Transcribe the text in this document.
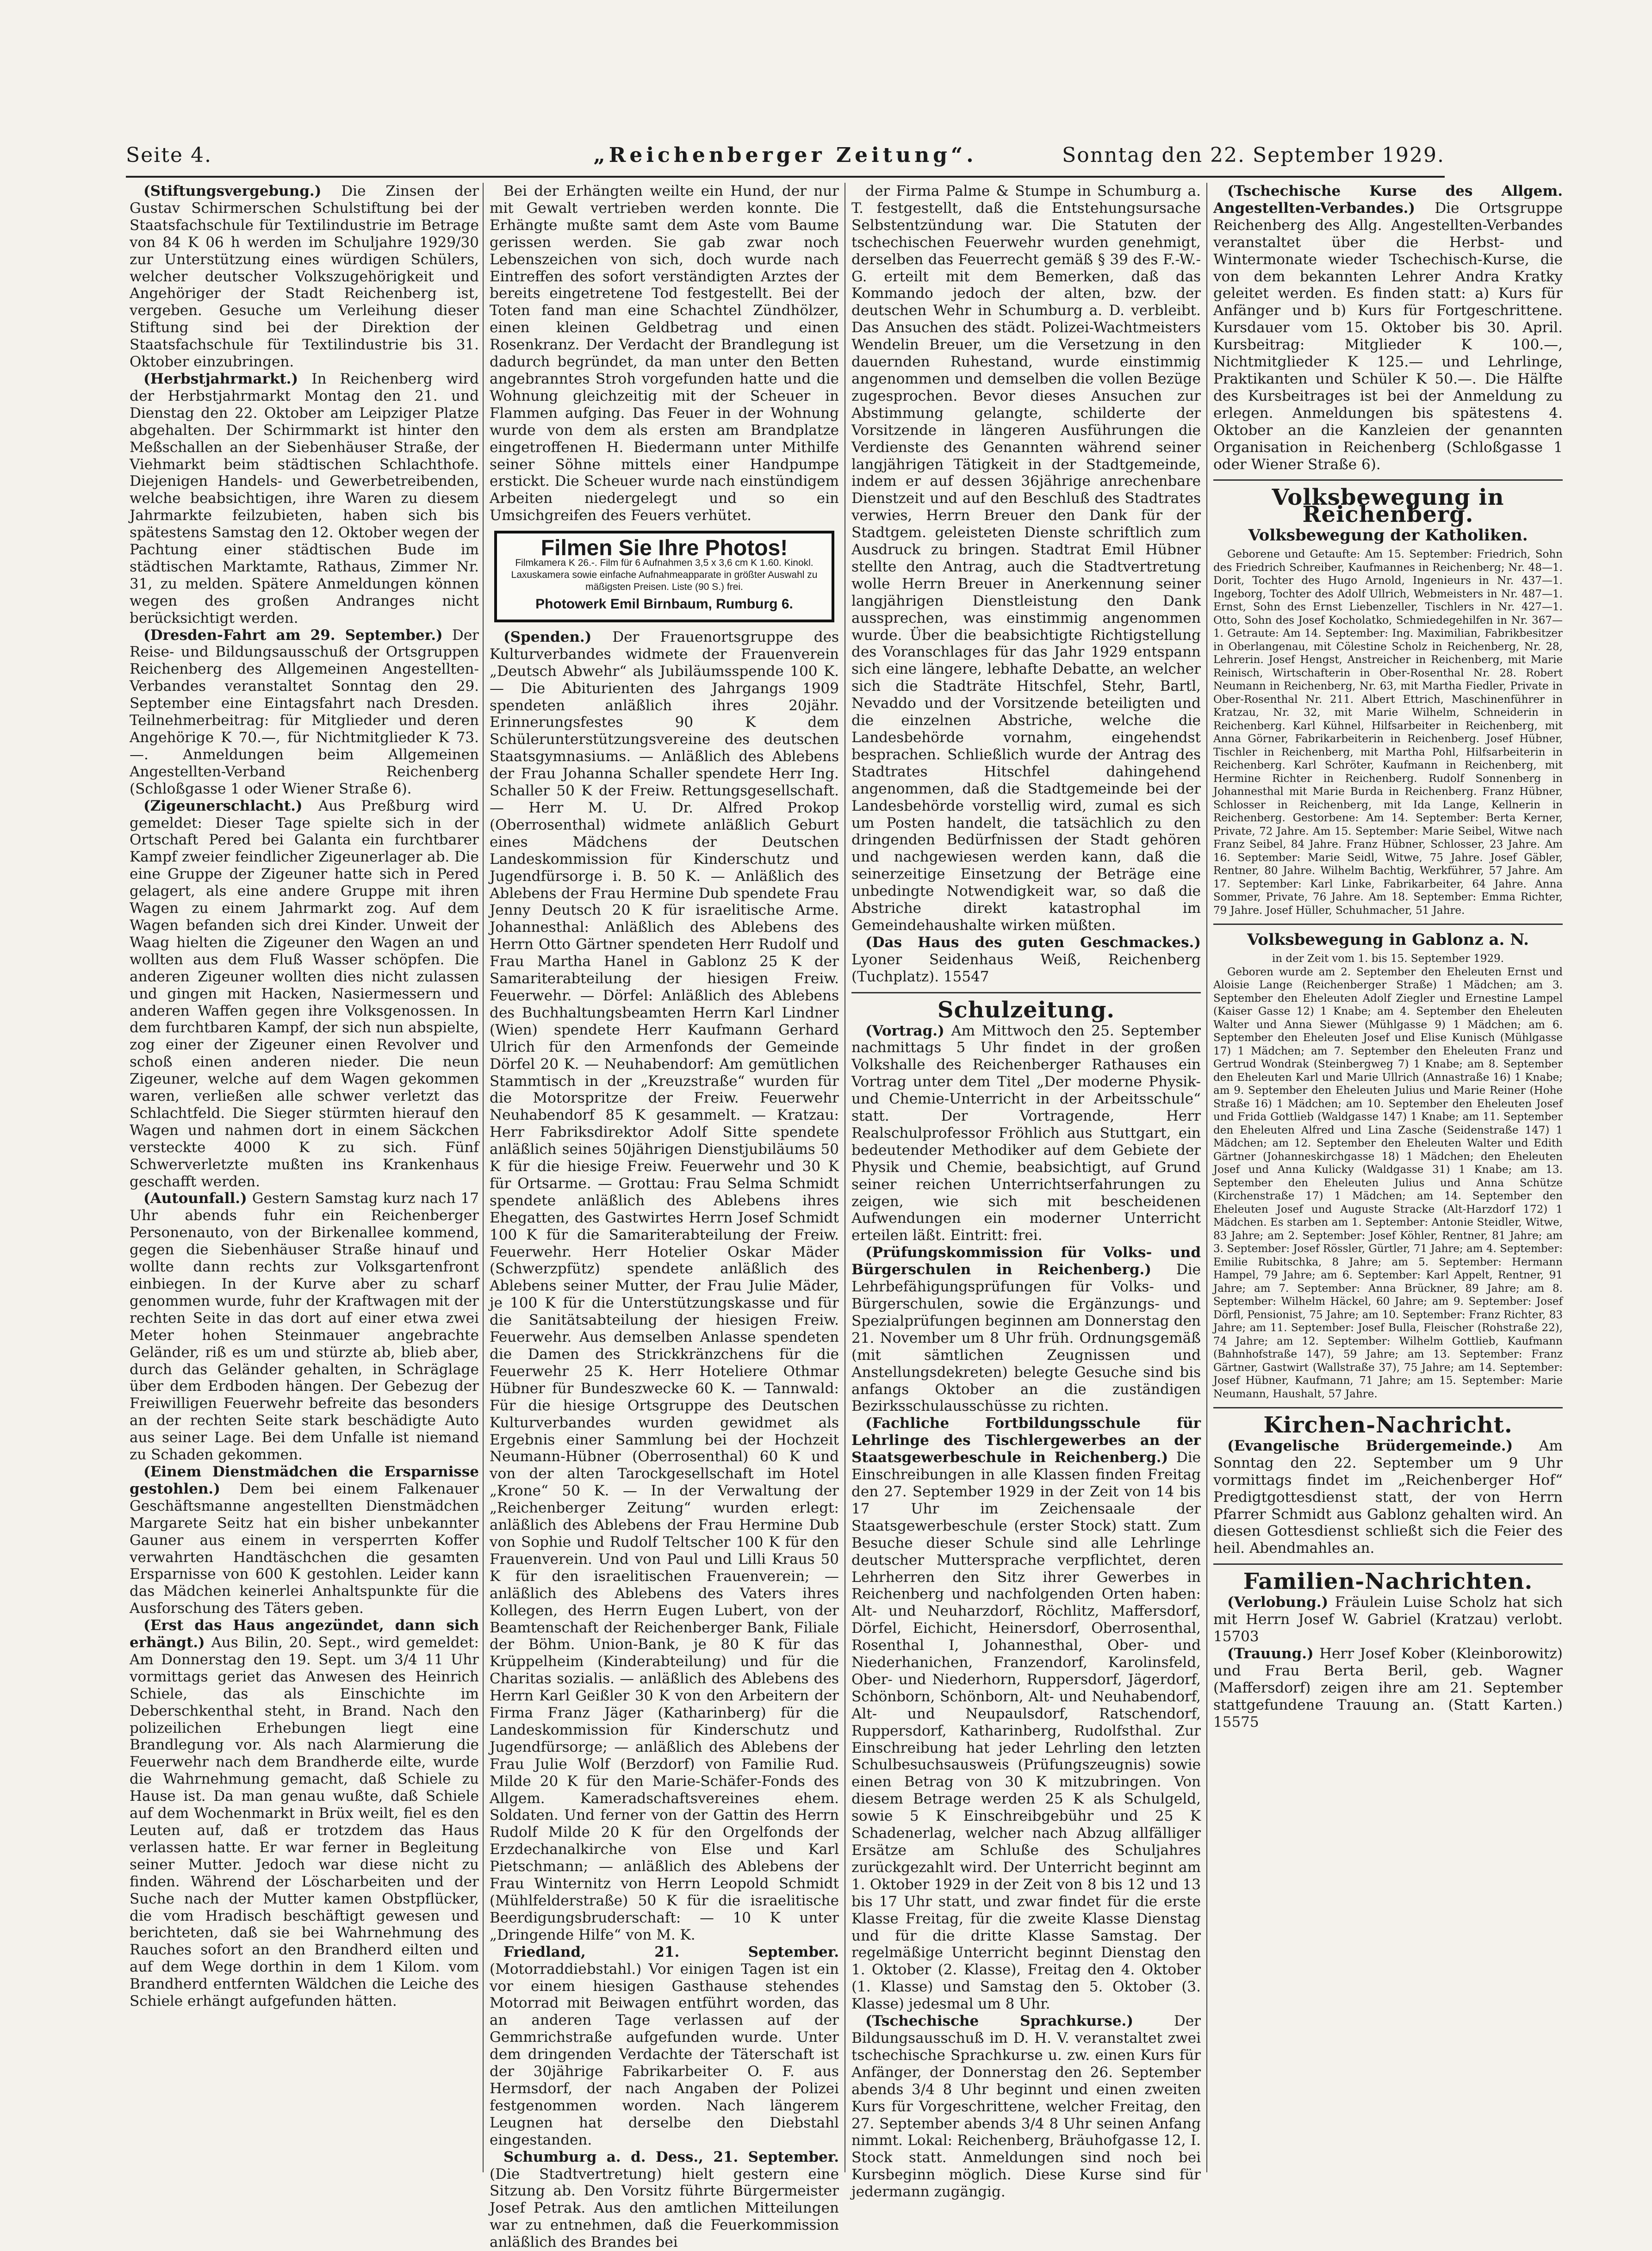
Seite 4.	„Reichenberger Zeitung“.	Sonntag den 22. September 1929.

(Stiftungsvergebung.) Die Zinsen der Gustav Schirmerschen Schulstiftung bei der Staatsfachschule für Textilindustrie im Betrage von 84 K 06 h werden im Schuljahre 1929/30 zur Unterstützung eines würdigen Schülers, welcher deutscher Volkszugehörigkeit und Angehöriger der Stadt Reichenberg ist, vergeben. Gesuche um Verleihung dieser Stiftung sind bei der Direktion der Staatsfachschule für Textilindustrie bis 31. Oktober einzubringen.

(Herbstjahrmarkt.) In Reichenberg wird der Herbstjahrmarkt Montag den 21. und Dienstag den 22. Oktober am Leipziger Platze abgehalten. Der Schirmmarkt ist hinter den Meßschallen an der Siebenhäuser Straße, der Viehmarkt beim städtischen Schlachthofe. Diejenigen Handels- und Gewerbetreibenden, welche beabsichtigen, ihre Waren zu diesem Jahrmarkte feilzubieten, haben sich bis spätestens Samstag den 12. Oktober wegen der Pachtung einer städtischen Bude im städtischen Marktamte, Rathaus, Zimmer Nr. 31, zu melden. Spätere Anmeldungen können wegen des großen Andranges nicht berücksichtigt werden.

(Dresden-Fahrt am 29. September.) Der Reise- und Bildungsausschuß der Ortsgruppen Reichenberg des Allgemeinen Angestellten-Verbandes veranstaltet Sonntag den 29. September eine Eintagsfahrt nach Dresden. Teilnehmerbeitrag: für Mitglieder und deren Angehörige K 70.—, für Nichtmitglieder K 73.—. Anmeldungen beim Allgemeinen Angestellten-Verband Reichenberg (Schloßgasse 1 oder Wiener Straße 6).

(Zigeunerschlacht.) Aus Preßburg wird gemeldet: Dieser Tage spielte sich in der Ortschaft Pered bei Galanta ein furchtbarer Kampf zweier feindlicher Zigeunerlager ab. Die eine Gruppe der Zigeuner hatte sich in Pered gelagert, als eine andere Gruppe mit ihren Wagen zu einem Jahrmarkt zog. Auf dem Wagen befanden sich drei Kinder. Unweit der Waag hielten die Zigeuner den Wagen an und wollten aus dem Fluß Wasser schöpfen. Die anderen Zigeuner wollten dies nicht zulassen und gingen mit Hacken, Nasiermessern und anderen Waffen gegen ihre Volksgenossen. In dem furchtbaren Kampf, der sich nun abspielte, zog einer der Zigeuner einen Revolver und schoß einen anderen nieder. Die neun Zigeuner, welche auf dem Wagen gekommen waren, verließen alle schwer verletzt das Schlachtfeld. Die Sieger stürmten hierauf den Wagen und nahmen dort in einem Säckchen versteckte 4000 K zu sich. Fünf Schwerverletzte mußten ins Krankenhaus geschafft werden.

(Autounfall.) Gestern Samstag kurz nach 17 Uhr abends fuhr ein Reichenberger Personenauto, von der Birkenallee kommend, gegen die Siebenhäuser Straße hinauf und wollte dann rechts zur Volksgartenfront einbiegen. In der Kurve aber zu scharf genommen wurde, fuhr der Kraftwagen mit der rechten Seite in das dort auf einer etwa zwei Meter hohen Steinmauer angebrachte Geländer, riß es um und stürzte ab, blieb aber, durch das Geländer gehalten, in Schräglage über dem Erdboden hängen. Der Gebezug der Freiwilligen Feuerwehr befreite das besonders an der rechten Seite stark beschädigte Auto aus seiner Lage. Bei dem Unfalle ist niemand zu Schaden gekommen.

(Einem Dienstmädchen die Ersparnisse gestohlen.) Dem bei einem Falkenauer Geschäftsmanne angestellten Dienstmädchen Margarete Seitz hat ein bisher unbekannter Gauner aus einem in versperrten Koffer verwahrten Handtäschchen die gesamten Ersparnisse von 600 K gestohlen. Leider kann das Mädchen keinerlei Anhaltspunkte für die Ausforschung des Täters geben.

(Erst das Haus angezündet, dann sich erhängt.) Aus Bilin, 20. Sept., wird gemeldet: Am Donnerstag den 19. Sept. um 3/4 11 Uhr vormittags geriet das Anwesen des Heinrich Schiele, das als Einschichte im Deberschkenthal steht, in Brand. Nach den polizeilichen Erhebungen liegt eine Brandlegung vor. Als nach Alarmierung die Feuerwehr nach dem Brandherde eilte, wurde die Wahrnehmung gemacht, daß Schiele zu Hause ist. Da man genau wußte, daß Schiele auf dem Wochenmarkt in Brüx weilt, fiel es den Leuten auf, daß er trotzdem das Haus verlassen hatte. Er war ferner in Begleitung seiner Mutter. Jedoch war diese nicht zu finden. Während der Löscharbeiten und der Suche nach der Mutter kamen Obstpflücker, die vom Hradisch beschäftigt gewesen und berichteten, daß sie bei Wahrnehmung des Rauches sofort an den Brandherd eilten und auf dem Wege dorthin in dem 1 Kilom. vom Brandherd entfernten Wäldchen die Leiche des Schiele erhängt aufgefunden hätten.

Bei der Erhängten weilte ein Hund, der nur mit Gewalt vertrieben werden konnte. Die Erhängte mußte samt dem Aste vom Baume gerissen werden. Sie gab zwar noch Lebenszeichen von sich, doch wurde nach Eintreffen des sofort verständigten Arztes der bereits eingetretene Tod festgestellt. Bei der Toten fand man eine Schachtel Zündhölzer, einen kleinen Geldbetrag und einen Rosenkranz. Der Verdacht der Brandlegung ist dadurch begründet, da man unter den Betten angebranntes Stroh vorgefunden hatte und die Wohnung gleichzeitig mit der Scheuer in Flammen aufging. Das Feuer in der Wohnung wurde von dem als ersten am Brandplatze eingetroffenen H. Biedermann unter Mithilfe seiner Söhne mittels einer Handpumpe erstickt. Die Scheuer wurde nach einstündigem Arbeiten niedergelegt und so ein Umsichgreifen des Feuers verhütet.

Filmen Sie Ihre Photos!
Filmkamera K 26.-. Film für 6 Aufnahmen 3,5 x 3,6 cm K 1.60. Kinokl. Laxuskamera sowie einfache Aufnahmeapparate in größter Auswahl zu mäßigsten Preisen. Liste (90 S.) frei.
Photowerk Emil Birnbaum, Rumburg 6.

(Spenden.) Der Frauenortsgruppe des Kulturverbandes widmete der Frauenverein „Deutsch Abwehr“ als Jubiläumsspende 100 K. — Die Abiturienten des Jahrgangs 1909 spendeten anläßlich ihres 20jähr. Erinnerungsfestes 90 K dem Schülerunterstützungsvereine des deutschen Staatsgymnasiums. — Anläßlich des Ablebens der Frau Johanna Schaller spendete Herr Ing. Schaller 50 K der Freiw. Rettungsgesellschaft. — Herr M. U. Dr. Alfred Prokop (Oberrosenthal) widmete anläßlich Geburt eines Mädchens der Deutschen Landeskommission für Kinderschutz und Jugendfürsorge i. B. 50 K. — Anläßlich des Ablebens der Frau Hermine Dub spendete Frau Jenny Deutsch 20 K für israelitische Arme. Johannesthal: Anläßlich des Ablebens des Herrn Otto Gärtner spendeten Herr Rudolf und Frau Martha Hanel in Gablonz 25 K der Samariterabteilung der hiesigen Freiw. Feuerwehr. — Dörfel: Anläßlich des Ablebens des Buchhaltungsbeamten Herrn Karl Lindner (Wien) spendete Herr Kaufmann Gerhard Ulrich für den Armenfonds der Gemeinde Dörfel 20 K. — Neuhabendorf: Am gemütlichen Stammtisch in der „Kreuzstraße“ wurden für die Motorspritze der Freiw. Feuerwehr Neuhabendorf 85 K gesammelt. — Kratzau: Herr Fabriksdirektor Adolf Sitte spendete anläßlich seines 50jährigen Dienstjubiläums 50 K für die hiesige Freiw. Feuerwehr und 30 K für Ortsarme. — Grottau: Frau Selma Schmidt spendete anläßlich des Ablebens ihres Ehegatten, des Gastwirtes Herrn Josef Schmidt 100 K für die Samariterabteilung der Freiw. Feuerwehr. Herr Hotelier Oskar Mäder (Schwerzpfütz) spendete anläßlich des Ablebens seiner Mutter, der Frau Julie Mäder, je 100 K für die Unterstützungskasse und für die Sanitätsabteilung der hiesigen Freiw. Feuerwehr. Aus demselben Anlasse spendeten die Damen des Strickkränzchens für die Feuerwehr 25 K. Herr Hoteliere Othmar Hübner für Bundeszwecke 60 K. — Tannwald: Für die hiesige Ortsgruppe des Deutschen Kulturverbandes wurden gewidmet als Ergebnis einer Sammlung bei der Hochzeit Neumann-Hübner (Oberrosenthal) 60 K und von der alten Tarockgesellschaft im Hotel „Krone“ 50 K. — In der Verwaltung der „Reichenberger Zeitung“ wurden erlegt: anläßlich des Ablebens der Frau Hermine Dub von Sophie und Rudolf Teltscher 100 K für den Frauenverein. Und von Paul und Lilli Kraus 50 K für den israelitischen Frauenverein; — anläßlich des Ablebens des Vaters ihres Kollegen, des Herrn Eugen Lubert, von der Beamtenschaft der Reichenberger Bank, Filiale der Böhm. Union-Bank, je 80 K für das Krüppelheim (Kinderabteilung) und für die Charitas sozialis. — anläßlich des Ablebens des Herrn Karl Geißler 30 K von den Arbeitern der Firma Franz Jäger (Katharinberg) für die Landeskommission für Kinderschutz und Jugendfürsorge; — anläßlich des Ablebens der Frau Julie Wolf (Berzdorf) von Familie Rud. Milde 20 K für den Marie-Schäfer-Fonds des Allgem. Kameradschaftsvereines ehem. Soldaten. Und ferner von der Gattin des Herrn Rudolf Milde 20 K für den Orgelfonds der Erzdechanalkirche von Else und Karl Pietschmann; — anläßlich des Ablebens der Frau Winternitz von Herrn Leopold Schmidt (Mühlfelderstraße) 50 K für die israelitische Beerdigungsbruderschaft: — 10 K unter „Dringende Hilfe“ von M. K.

Friedland, 21. September. (Motorraddiebstahl.) Vor einigen Tagen ist ein vor einem hiesigen Gasthause stehendes Motorrad mit Beiwagen entführt worden, das an anderen Tage verlassen auf der Gemmrichstraße aufgefunden wurde. Unter dem dringenden Verdachte der Täterschaft ist der 30jährige Fabrikarbeiter O. F. aus Hermsdorf, der nach Angaben der Polizei festgenommen worden. Nach längerem Leugnen hat derselbe den Diebstahl eingestanden.

Schumburg a. d. Dess., 21. September. (Die Stadtvertretung) hielt gestern eine Sitzung ab. Den Vorsitz führte Bürgermeister Josef Petrak. Aus den amtlichen Mitteilungen war zu entnehmen, daß die Feuerkommission anläßlich des Brandes bei

der Firma Palme & Stumpe in Schumburg a. T. festgestellt, daß die Entstehungsursache Selbstentzündung war. Die Statuten der tschechischen Feuerwehr wurden genehmigt, derselben das Feuerrecht gemäß § 39 des F.-W.-G. erteilt mit dem Bemerken, daß das Kommando jedoch der alten, bzw. der deutschen Wehr in Schumburg a. D. verbleibt. Das Ansuchen des städt. Polizei-Wachtmeisters Wendelin Breuer, um die Versetzung in den dauernden Ruhestand, wurde einstimmig angenommen und demselben die vollen Bezüge zugesprochen. Bevor dieses Ansuchen zur Abstimmung gelangte, schilderte der Vorsitzende in längeren Ausführungen die Verdienste des Genannten während seiner langjährigen Tätigkeit in der Stadtgemeinde, indem er auf dessen 36jährige anrechenbare Dienstzeit und auf den Beschluß des Stadtrates verwies, Herrn Breuer den Dank für der Stadtgem. geleisteten Dienste schriftlich zum Ausdruck zu bringen. Stadtrat Emil Hübner stellte den Antrag, auch die Stadtvertretung wolle Herrn Breuer in Anerkennung seiner langjährigen Dienstleistung den Dank aussprechen, was einstimmig angenommen wurde. Über die beabsichtigte Richtigstellung des Voranschlages für das Jahr 1929 entspann sich eine längere, lebhafte Debatte, an welcher sich die Stadträte Hitschfel, Stehr, Bartl, Nevaddo und der Vorsitzende beteiligten und die einzelnen Abstriche, welche die Landesbehörde vornahm, eingehendst besprachen. Schließlich wurde der Antrag des Stadtrates Hitschfel dahingehend angenommen, daß die Stadtgemeinde bei der Landesbehörde vorstellig wird, zumal es sich um Posten handelt, die tatsächlich zu den dringenden Bedürfnissen der Stadt gehören und nachgewiesen werden kann, daß die seinerzeitige Einsetzung der Beträge eine unbedingte Notwendigkeit war, so daß die Abstriche direkt katastrophal im Gemeindehaushalte wirken müßten.

(Das Haus des guten Geschmackes.) Lyoner Seidenhaus Weiß, Reichenberg (Tuchplatz). 15547

Schulzeitung.

(Vortrag.) Am Mittwoch den 25. September nachmittags 5 Uhr findet in der großen Volkshalle des Reichenberger Rathauses ein Vortrag unter dem Titel „Der moderne Physik- und Chemie-Unterricht in der Arbeitsschule“ statt. Der Vortragende, Herr Realschulprofessor Fröhlich aus Stuttgart, ein bedeutender Methodiker auf dem Gebiete der Physik und Chemie, beabsichtigt, auf Grund seiner reichen Unterrichtserfahrungen zu zeigen, wie sich mit bescheidenen Aufwendungen ein moderner Unterricht erteilen läßt. Eintritt: frei.

(Prüfungskommission für Volks- und Bürgerschulen in Reichenberg.) Die Lehrbefähigungsprüfungen für Volks- und Bürgerschulen, sowie die Ergänzungs- und Spezialprüfungen beginnen am Donnerstag den 21. November um 8 Uhr früh. Ordnungsgemäß (mit sämtlichen Zeugnissen und Anstellungsdekreten) belegte Gesuche sind bis anfangs Oktober an die zuständigen Bezirksschulausschüsse zu richten.

(Fachliche Fortbildungsschule für Lehrlinge des Tischlergewerbes an der Staatsgewerbeschule in Reichenberg.) Die Einschreibungen in alle Klassen finden Freitag den 27. September 1929 in der Zeit von 14 bis 17 Uhr im Zeichensaale der Staatsgewerbeschule (erster Stock) statt. Zum Besuche dieser Schule sind alle Lehrlinge deutscher Muttersprache verpflichtet, deren Lehrherren den Sitz ihrer Gewerbes in Reichenberg und nachfolgenden Orten haben: Alt- und Neuharzdorf, Röchlitz, Maffersdorf, Dörfel, Eichicht, Heinersdorf, Oberrosenthal, Rosenthal I, Johannesthal, Ober- und Niederhanichen, Franzendorf, Karolinsfeld, Ober- und Niederhorn, Ruppersdorf, Jägerdorf, Schönborn, Schönborn, Alt- und Neuhabendorf, Alt- und Neupaulsdorf, Ratschendorf, Ruppersdorf, Katharinberg, Rudolfsthal. Zur Einschreibung hat jeder Lehrling den letzten Schulbesuchsausweis (Prüfungszeugnis) sowie einen Betrag von 30 K mitzubringen. Von diesem Betrage werden 25 K als Schulgeld, sowie 5 K Einschreibgebühr und 25 K Schadenerlag, welcher nach Abzug allfälliger Ersätze am Schluße des Schuljahres zurückgezahlt wird. Der Unterricht beginnt am 1. Oktober 1929 in der Zeit von 8 bis 12 und 13 bis 17 Uhr statt, und zwar findet für die erste Klasse Freitag, für die zweite Klasse Dienstag und für die dritte Klasse Samstag. Der regelmäßige Unterricht beginnt Dienstag den 1. Oktober (2. Klasse), Freitag den 4. Oktober (1. Klasse) und Samstag den 5. Oktober (3. Klasse) jedesmal um 8 Uhr.

(Tschechische Sprachkurse.)	Der Bildungsausschuß im D. H. V. veranstaltet zwei tschechische Sprachkurse u. zw. einen Kurs für Anfänger, der Donnerstag den 26. September abends 3/4 8 Uhr beginnt und einen zweiten Kurs für Vorgeschrittene, welcher Freitag, den 27. September abends 3/4 8 Uhr seinen Anfang nimmt. Lokal: Reichenberg, Bräuhofgasse 12, I. Stock statt. Anmeldungen sind noch bei Kursbeginn möglich. Diese Kurse sind für jedermann zugängig.

(Tschechische Kurse des Allgem. Angestellten-Verbandes.) Die Ortsgruppe Reichenberg des Allg. Angestellten-Verbandes veranstaltet über die Herbst- und Wintermonate wieder Tschechisch-Kurse, die von dem bekannten Lehrer Andra Kratky geleitet werden. Es finden statt: a) Kurs für Anfänger und b) Kurs für Fortgeschrittene. Kursdauer vom 15. Oktober bis 30. April. Kursbeitrag: Mitglieder K 100.—, Nichtmitglieder K 125.— und Lehrlinge, Praktikanten und Schüler K 50.—. Die Hälfte des Kursbeitrages ist bei der Anmeldung zu erlegen. Anmeldungen bis spätestens 4. Oktober an die Kanzleien der genannten Organisation in Reichenberg (Schloßgasse 1 oder Wiener Straße 6).

Volksbewegung in Reichenberg.
Volksbewegung der Katholiken.

Geborene und Getaufte: Am 15. September: Friedrich, Sohn des Friedrich Schreiber, Kaufmannes in Reichenberg; Nr. 48—1. Dorit, Tochter des Hugo Arnold, Ingenieurs in Nr. 437—1. Ingeborg, Tochter des Adolf Ullrich, Webmeisters in Nr. 487—1. Ernst, Sohn des Ernst Liebenzeller, Tischlers in Nr. 427—1. Otto, Sohn des Josef Kocholatko, Schmiedegehilfen in Nr. 367—1. Getraute: Am 14. September: Ing. Maximilian, Fabrikbesitzer in Oberlangenau, mit Cölestine Scholz in Reichenberg, Nr. 28, Lehrerin. Josef Hengst, Anstreicher in Reichenberg, mit Marie Reinisch, Wirtschafterin in Ober-Rosenthal Nr. 28. Robert Neumann in Reichenberg, Nr. 63, mit Martha Fiedler, Private in Ober-Rosenthal Nr. 211. Albert Ettrich, Maschinenführer in Kratzau, Nr. 32, mit Marie Wilhelm, Schneiderin in Reichenberg. Karl Kühnel, Hilfsarbeiter in Reichenberg, mit Anna Görner, Fabrikarbeiterin in Reichenberg. Josef Hübner, Tischler in Reichenberg, mit Martha Pohl, Hilfsarbeiterin in Reichenberg. Karl Schröter, Kaufmann in Reichenberg, mit Hermine Richter in Reichenberg. Rudolf Sonnenberg in Johannesthal mit Marie Burda in Reichenberg. Franz Hübner, Schlosser in Reichenberg, mit Ida Lange, Kellnerin in Reichenberg. Gestorbene: Am 14. September: Berta Kerner, Private, 72 Jahre. Am 15. September: Marie Seibel, Witwe nach Franz Seibel, 84 Jahre. Franz Hübner, Schlosser, 23 Jahre. Am 16. September: Marie Seidl, Witwe, 75 Jahre. Josef Gäbler, Rentner, 80 Jahre. Wilhelm Bachtig, Werkführer, 57 Jahre. Am 17. September: Karl Linke, Fabrikarbeiter, 64 Jahre. Anna Sommer, Private, 76 Jahre. Am 18. September: Emma Richter, 79 Jahre. Josef Hüller, Schuhmacher, 51 Jahre.

Volksbewegung in Gablonz a. N.
in der Zeit vom 1. bis 15. September 1929.

Geboren wurde am 2. September den Eheleuten Ernst und Aloisie Lange (Reichenberger Straße) 1 Mädchen; am 3. September den Eheleuten Adolf Ziegler und Ernestine Lampel (Kaiser Gasse 12) 1 Knabe; am 4. September den Eheleuten Walter und Anna Siewer (Mühlgasse 9) 1 Mädchen; am 6. September den Eheleuten Josef und Elise Kunisch (Mühlgasse 17) 1 Mädchen; am 7. September den Eheleuten Franz und Gertrud Wondrak (Steinbergweg 7) 1 Knabe; am 8. September den Eheleuten Karl und Marie Ullrich (Annastraße 16) 1 Knabe; am 9. September den Eheleuten Julius und Marie Reiner (Hohe Straße 16) 1 Mädchen; am 10. September den Eheleuten Josef und Frida Gottlieb (Waldgasse 147) 1 Knabe; am 11. September den Eheleuten Alfred und Lina Zasche (Seidenstraße 147) 1 Mädchen; am 12. September den Eheleuten Walter und Edith Gärtner (Johanneskirchgasse 18) 1 Mädchen; den Eheleuten Josef und Anna Kulicky (Waldgasse 31) 1 Knabe; am 13. September den Eheleuten Julius und Anna Schütze (Kirchenstraße 17) 1 Mädchen; am 14. September den Eheleuten Josef und Auguste Stracke (Alt-Harzdorf 172) 1 Mädchen. Es starben am 1. September: Antonie Steidler, Witwe, 83 Jahre; am 2. September: Josef Köhler, Rentner, 81 Jahre; am 3. September: Josef Rössler, Gürtler, 71 Jahre; am 4. September: Emilie Rubitschka, 8 Jahre; am 5. September: Hermann Hampel, 79 Jahre; am 6. September: Karl Appelt, Rentner, 91 Jahre; am 7. September: Anna Brückner, 89 Jahre; am 8. September: Wilhelm Häckel, 60 Jahre; am 9. September: Josef Dörfl, Pensionist, 75 Jahre; am 10. September: Franz Richter, 83 Jahre; am 11. September: Josef Bulla, Fleischer (Rohstraße 22), 74 Jahre; am 12. September: Wilhelm Gottlieb, Kaufmann (Bahnhofstraße 147), 59 Jahre; am 13. September: Franz Gärtner, Gastwirt (Wallstraße 37), 75 Jahre; am 14. September: Josef Hübner, Kaufmann, 71 Jahre; am 15. September: Marie Neumann, Haushalt, 57 Jahre.

Kirchen-Nachricht.

(Evangelische Brüdergemeinde.) Am Sonntag den 22. September um 9 Uhr vormittags findet im „Reichenberger Hof“ Predigtgottesdienst statt, der von Herrn Pfarrer Schmidt aus Gablonz gehalten wird. An diesen Gottesdienst schließt sich die Feier des heil. Abendmahles an.

Familien-Nachrichten.

(Verlobung.) Fräulein Luise Scholz hat sich mit Herrn Josef W. Gabriel (Kratzau) verlobt. 15703

(Trauung.) Herr Josef Kober (Kleinborowitz) und Frau Berta Beril, geb. Wagner (Maffersdorf) zeigen ihre am 21. September stattgefundene Trauung an. (Statt Karten.) 15575
